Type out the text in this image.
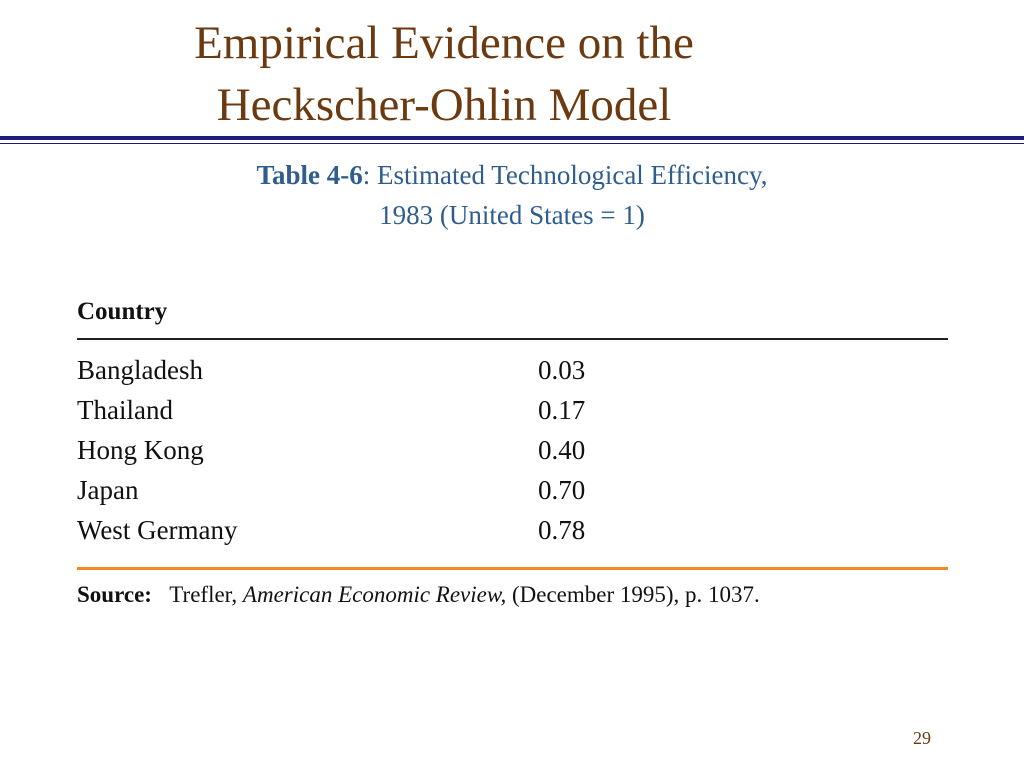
Empirical Evidence on the
Heckscher-Ohlin Model
Table 4-6: Estimated Technological Efficiency,
1983 (United States = 1)
Country
Bangladesh	0.03
Thailand	0.17
Hong Kong	0.40
Japan	0.70
West Germany	0.78
Source: Trefler, American Economic Review, (December 1995), p. 1037.
29
